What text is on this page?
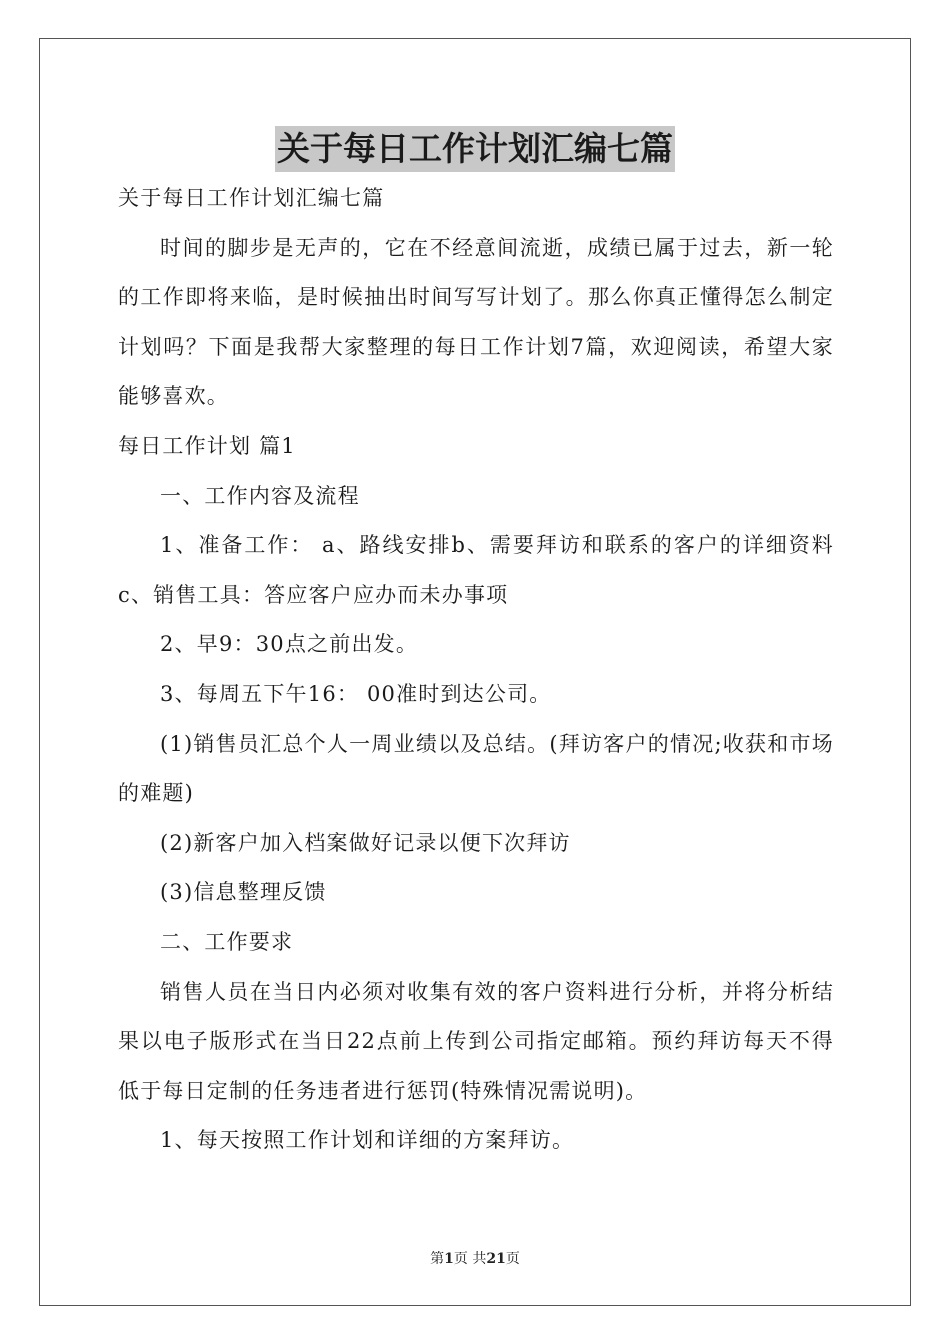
关于每日工作计划汇编七篇

关于每日工作计划汇编七篇

时间的脚步是无声的，它在不经意间流逝，成绩已属于过去，新一轮的工作即将来临，是时候抽出时间写写计划了。那么你真正懂得怎么制定计划吗？下面是我帮大家整理的每日工作计划7篇，欢迎阅读，希望大家能够喜欢。

每日工作计划 篇1

一、工作内容及流程

1、准备工作： a、路线安排b、需要拜访和联系的客户的详细资料c、销售工具：答应客户应办而未办事项

2、早9：30点之前出发。

3、每周五下午16： 00准时到达公司。

(1)销售员汇总个人一周业绩以及总结。(拜访客户的情况;收获和市场的难题)

(2)新客户加入档案做好记录以便下次拜访

(3)信息整理反馈

二、工作要求

销售人员在当日内必须对收集有效的客户资料进行分析，并将分析结果以电子版形式在当日22点前上传到公司指定邮箱。预约拜访每天不得低于每日定制的任务违者进行惩罚(特殊情况需说明)。

1、每天按照工作计划和详细的方案拜访。

第1页 共21页
